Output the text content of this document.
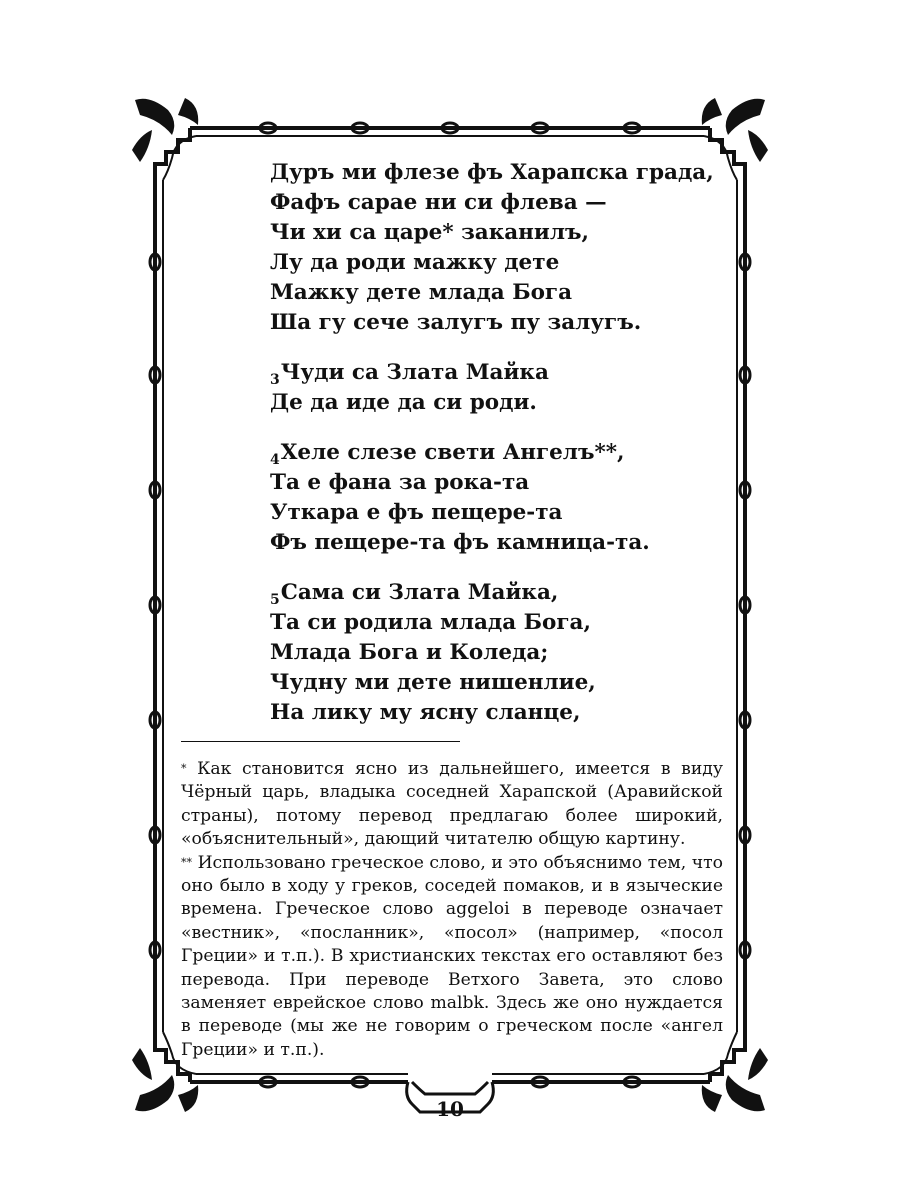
Дуръ ми флезе фъ Харапска града,
Фафъ сарае ни си флева —
Чи хи са царе* заканилъ,
Лу да роди мажку дете
Мажку дете млада Бога
Ша гу сече залугъ пу залугъ.
$_3$Чуди са Злата Майка
Де да иде да си роди.
$_4$Хеле слезе свети Ангелъ**,
Та е фана за рока-та
Уткара е фъ пещере-та
Фъ пещере-та фъ камница-та.
$_5$Сама си Злата Майка,
Та си родила млада Бога,
Млада Бога и Коледа;
Чудну ми дете нишенлие,
На лику му ясну сланце,

* Как становится ясно из дальнейшего, имеется в виду Чёрный царь, владыка соседней Харапской (Аравийской страны), потому перевод предлагаю более широкий, «объяснительный», дающий читателю общую картину.

** Использовано греческое слово, и это объяснимо тем, что оно было в ходу у греков, соседей помаков, и в языческие времена. Греческое слово aggeloi в переводе означает «вестник», «посланник», «посол» (например, «посол Греции» и т.п.). В христианских текстах его оставляют без перевода. При переводе Ветхого Завета, это слово заменяет еврейское слово malbk. Здесь же оно нуждается в переводе (мы же не говорим о греческом после «ангел Греции» и т.п.).

10
